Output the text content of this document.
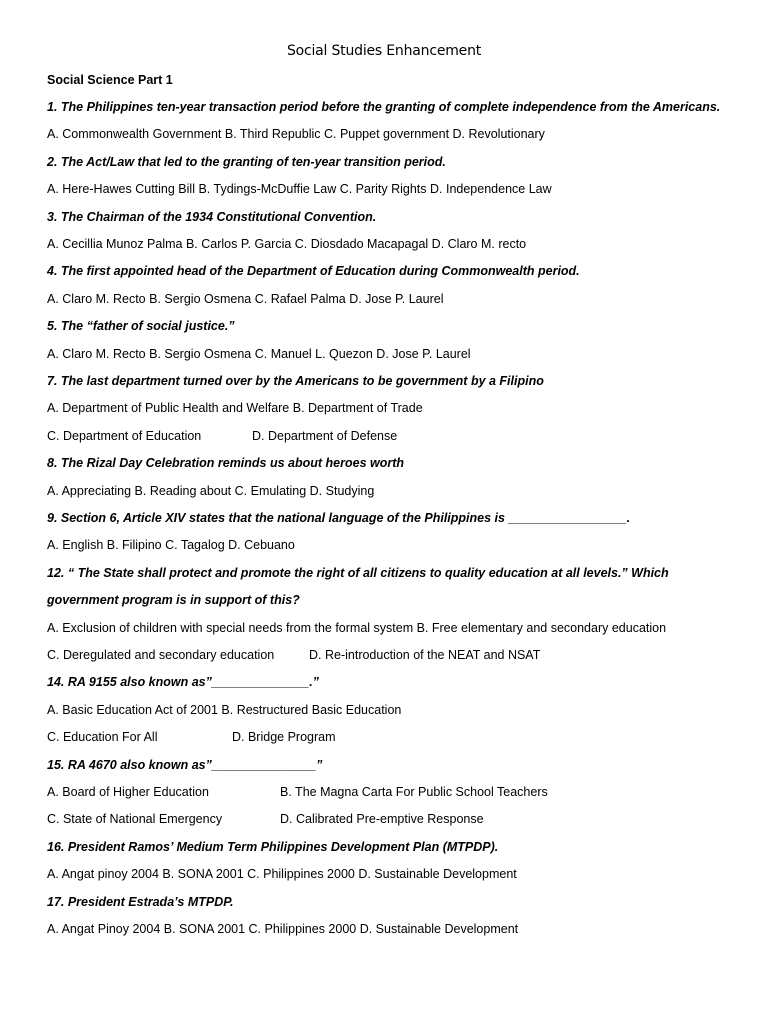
Social Studies Enhancement
Social Science Part 1
1. The Philippines ten-year transaction period before the granting of complete independence from the Americans.
A. Commonwealth Government B. Third Republic C. Puppet government D. Revolutionary
2. The Act/Law that led to the granting of ten-year transition period.
A. Here-Hawes Cutting Bill B. Tydings-McDuffie Law C. Parity Rights D. Independence Law
3. The Chairman of the 1934 Constitutional Convention.
A. Cecillia Munoz Palma B. Carlos P. Garcia C. Diosdado Macapagal D. Claro M. recto
4. The first appointed head of the Department of Education during Commonwealth period.
A. Claro M. Recto B. Sergio Osmena C. Rafael Palma D. Jose P. Laurel
5. The “father of social justice.”
A. Claro M. Recto B. Sergio Osmena C. Manuel L. Quezon D. Jose P. Laurel
7. The last department turned over by the Americans to be government by a Filipino
A. Department of Public Health and Welfare B. Department of Trade
C. Department of Education	D. Department of Defense
8. The Rizal Day Celebration reminds us about heroes worth
A. Appreciating B. Reading about C. Emulating D. Studying
9. Section 6, Article XIV states that the national language of the Philippines is _________________.
A. English B. Filipino C. Tagalog D. Cebuano
12. “ The State shall protect and promote the right of all citizens to quality education at all levels.” Which
government program is in support of this?
A. Exclusion of children with special needs from the formal system B. Free elementary and secondary education
C. Deregulated and secondary education	D. Re-introduction of the NEAT and NSAT
14. RA 9155 also known as”______________.”
A. Basic Education Act of 2001 B. Restructured Basic Education
C. Education For All	D. Bridge Program
15. RA 4670 also known as”_______________”
A. Board of Higher Education	B. The Magna Carta For Public School Teachers
C. State of National Emergency	D. Calibrated Pre-emptive Response
16. President Ramos’ Medium Term Philippines Development Plan (MTPDP).
A. Angat pinoy 2004 B. SONA 2001 C. Philippines 2000 D. Sustainable Development
17. President Estrada’s MTPDP.
A. Angat Pinoy 2004 B. SONA 2001 C. Philippines 2000 D. Sustainable Development
